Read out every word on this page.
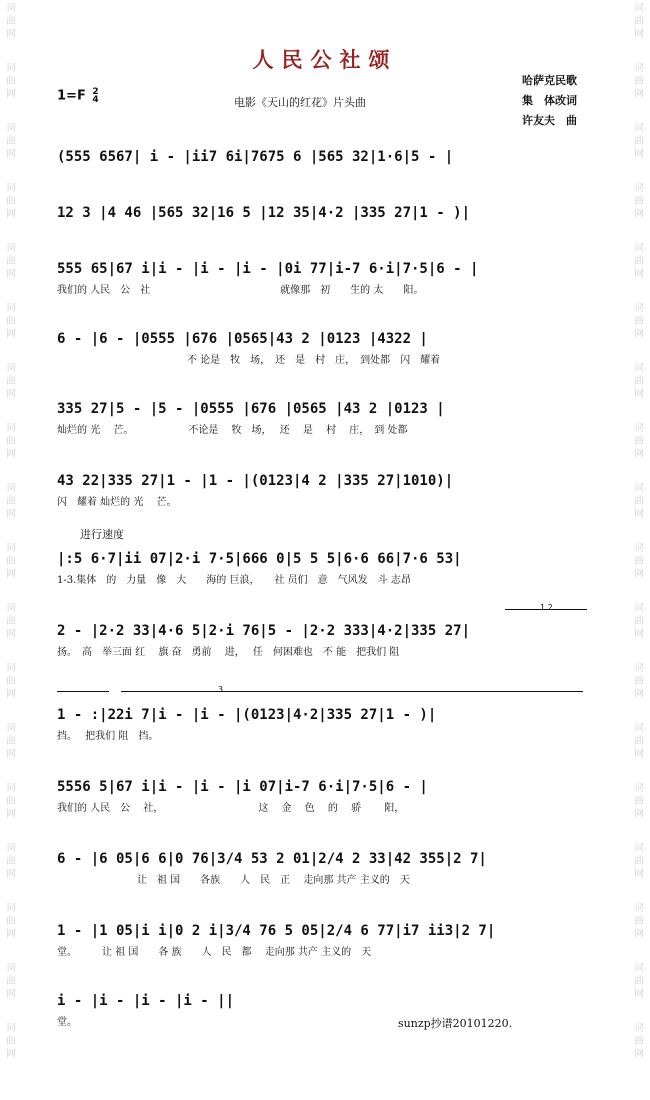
词
曲
网
词
曲
网
词
曲
网
词
曲
网
词
曲
网
词
曲
网
词
曲
网
词
曲
网
词
曲
网
词
曲
网
词
曲
网
词
曲
网
词
曲
网
词
曲
网
词
曲
网
词
曲
网
词
曲
网
词
曲
网
词
曲
网
词
曲
网
词
曲
网
词
曲
网
词
曲
网
词
曲
网
词
曲
网
词
曲
网
词
曲
网
词
曲
网
词
曲
网
词
曲
网
词
曲
网
词
曲
网
词
曲
网
词
曲
网
词
曲
网
词
曲
网
人民公社颂
1=F 2
4	电影《天山的红花》片头曲
哈萨克民歌
集　体改词
许友夫　曲
(555 6567| i - |ii7 6i|7675 6 |565 32|1·6|5 - |
12 3 |4 46 |565 32|16 5 |12 35|4·2 |335 27|1 - )|
555 65|67 i|i - |i - |i - |0i 77|i-7 6·i|7·5|6 - |
我们的 人民　公　社　　　　　　　　　　　　　就像那　初　　生的 太　　阳。
6 - |6 - |0555 |676 |0565|43 2 |0123 |4322 |
　　　　　　　　　　　　　不 论是　牧　场，　还　是　村　庄，　到处都　闪　耀着
335 27|5 - |5 - |0555 |676 |0565 |43 2 |0123 |
灿烂的 光　 芒。　　　　　　不论是　 牧　场，　 还　 是　 村　 庄，　到 处都
43 22|335 27|1 - |1 - |(0123|4 2 |335 27|1010)|
闪　耀着 灿烂的 光　 芒。
进行速度
|:5 6·7|ii 07|2·i 7·5|666 0|5 5 5|6·6 66|7·6 53|
1-3.集体　的　力量　像　大　　海的 巨浪，　　社 员们　意　气风发　斗 志昂
1.2
2 - |2·2 33|4·6 5|2·i 76|5 - |2·2 333|4·2|335 27|
扬。　高　举三面 红　 旗 奋　勇前　 进，　 任　何困难也　不 能　把我们 阻
3.
1 - :|22i 7|i - |i - |(0123|4·2|335 27|1 - )|
挡。　 把我们 阻　挡。
5556 5|67 i|i - |i - |i 07|i-7 6·i|7·5|6 - |
我们的 人民　公　 社，　　　　　　　　　　这　 金　 色　 的　 骄　　 阳，
6 - |6 05|6 6|0 76|3/4 53 2 01|2/4 2 33|42 355|2 7|
　　　　　　　　让　祖 国　　各族　　人　民　正　 走向那 共产 主义的　天
1 - |1 05|i i|0 2 i|3/4 76 5 05|2/4 6 77|i7 ii3|2 7|
堂。　　　让 祖 国　　各 族　　人　民　都　 走向那 共产 主义的　天
i - |i - |i - |i - ||
堂。	sunzp抄谱20101220.
